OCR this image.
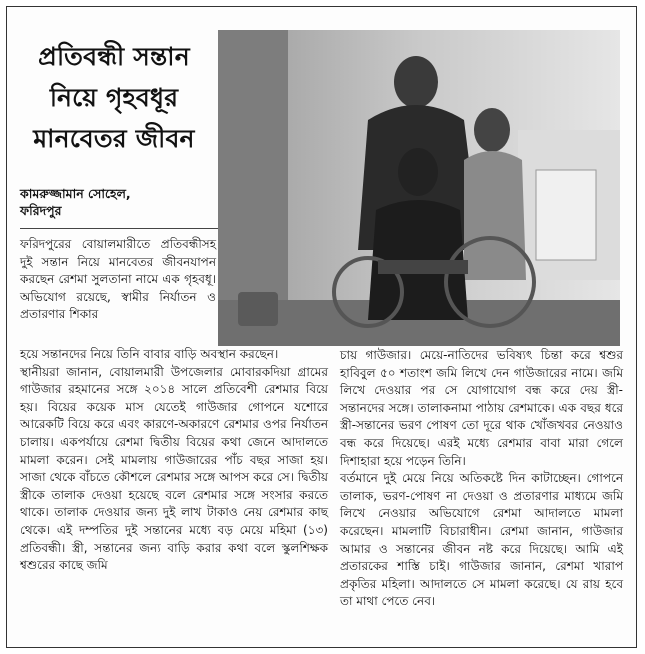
প্রতিবন্ধী সন্তান
নিয়ে গৃহবধূর
মানবেতর জীবন
কামরুজ্জামান সোহেল,
ফরিদপুর

ফরিদপুরের বোয়ালমারীতে প্রতিবন্ধীসহ দুই সন্তান নিয়ে মানবেতর জীবনযাপন করছেন রেশমা সুলতানা নামে এক গৃহবধূ। অভিযোগ রয়েছে, স্বামীর নির্যাতন ও প্রতারণার শিকার

হয়ে সন্তানদের নিয়ে তিনি বাবার বাড়ি অবস্থান করছেন।

স্থানীয়রা জানান, বোয়ালমারী উপজেলার মোবারকদিয়া গ্রামের গাউজার রহমানের সঙ্গে ২০১৪ সালে প্রতিবেশী রেশমার বিয়ে হয়। বিয়ের কয়েক মাস যেতেই গাউজার গোপনে যশোরে আরেকটি বিয়ে করে এবং কারণে-অকারণে রেশমার ওপর নির্যাতন চালায়। একপর্যায়ে রেশমা দ্বিতীয় বিয়ের কথা জেনে আদালতে মামলা করেন। সেই মামলায় গাউজারের পাঁচ বছর সাজা হয়। সাজা থেকে বাঁচতে কৌশলে রেশমার সঙ্গে আপস করে সে। দ্বিতীয় স্ত্রীকে তালাক দেওয়া হয়েছে বলে রেশমার সঙ্গে সংসার করতে থাকে। তালাক দেওয়ার জন্য দুই লাখ টাকাও নেয় রেশমার কাছ থেকে। এই দম্পতির দুই সন্তানের মধ্যে বড় মেয়ে মহিমা (১৩) প্রতিবন্ধী। স্ত্রী, সন্তানের জন্য বাড়ি করার কথা বলে স্কুলশিক্ষক শ্বশুরের কাছে জমি

চায় গাউজার। মেয়ে-নাতিদের ভবিষ্যৎ চিন্তা করে শ্বশুর হাবিবুল ৫০ শতাংশ জমি লিখে দেন গাউজারের নামে। জমি লিখে দেওয়ার পর সে যোগাযোগ বন্ধ করে দেয় স্ত্রী-সন্তানদের সঙ্গে। তালাকনামা পাঠায় রেশমাকে। এক বছর ধরে স্ত্রী-সন্তানের ভরণ পোষণ তো দূরে থাক খোঁজখবর নেওয়াও বন্ধ করে দিয়েছে। এরই মধ্যে রেশমার বাবা মারা গেলে দিশাহারা হয়ে পড়েন তিনি।

বর্তমানে দুই মেয়ে নিয়ে অতিকষ্টে দিন কাটাচ্ছেন। গোপনে তালাক, ভরণ-পোষণ না দেওয়া ও প্রতারণার মাধ্যমে জমি লিখে নেওয়ার অভিযোগে রেশমা আদালতে মামলা করেছেন। মামলাটি বিচারাধীন। রেশমা জানান, গাউজার আমার ও সন্তানের জীবন নষ্ট করে দিয়েছে। আমি এই প্রতারকের শাস্তি চাই। গাউজার জানান, রেশমা খারাপ প্রকৃতির মহিলা। আদালতে সে মামলা করেছে। যে রায় হবে তা মাথা পেতে নেব।
